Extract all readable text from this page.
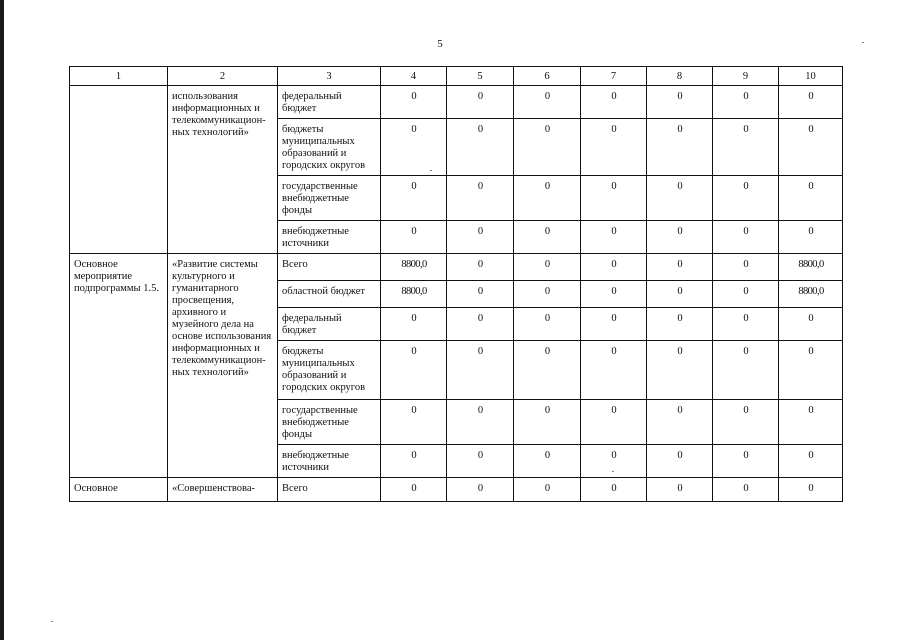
5
1	2	3	4	5	6	7	8	9	10
	использования информационных и телекоммуникацион-ных технологий»	федеральный бюджет	0	0	0	0	0	0	0
		бюджеты муниципальных образований и городских округов	0	0	0	0	0	0	0
		государственные внебюджетные фонды	0	0	0	0	0	0	0
		внебюджетные источники	0	0	0	0	0	0	0
Основное мероприятие подпрограммы 1.5.	«Развитие системы культурного и гуманитарного просвещения, архивного и музейного дела на основе использования информационных и телекоммуникацион-ных технологий»	Всего	8800,0	0	0	0	0	0	8800,0
		областной бюджет	8800,0	0	0	0	0	0	8800,0
		федеральный бюджет	0	0	0	0	0	0	0
		бюджеты муниципальных образований и городских округов	0	0	0	0	0	0	0
		государственные внебюджетные фонды	0	0	0	0	0	0	0
		внебюджетные источники	0	0	0	0	0	0	0
Основное	«Совершенствова-	Всего	0	0	0	0	0	0	0
